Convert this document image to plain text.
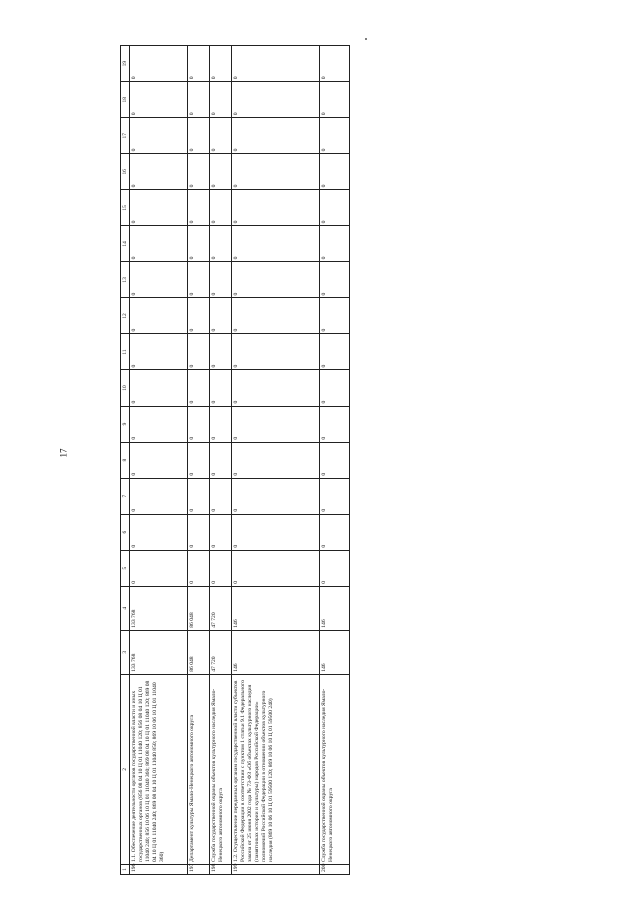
17
1	2	3	4	5	6	7	8	9	10	11	12	13	14	15	16	17	18	19
196	1.1. Обеспечение деятельности органов государственной власти и иных государственных органов (856 08 04 10 Ц 01 11040 120; 856 08 04 10 Ц 01 11040 240; 856 10 06 10 Ц 01 11040 360; 869 08 04 10 Ц 01 11040 120; 869 08 04 10 Ц 01 11040 240; 869 08 04 10 Ц 01 11040 850; 869 10 06 10 Ц 01 11040 360)	133 768	133 768	0	0	0	0	0	0	0	0	0	0	0	0	0	0	0
197	Департамент культуры Ямало-Ненецкого автономного округа	86 048	86 048	0	0	0	0	0	0	0	0	0	0	0	0	0	0	0
198	Служба государственной охраны объектов культурного наследия Ямало-Ненецкого автономного округа	47 720	47 720	0	0	0	0	0	0	0	0	0	0	0	0	0	0	0
199	1.2. Осуществление переданных органам государственной власти субъектов Российской Федерации в соответствии с пунктом 1 статьи 9.1 Федерального закона от 25 июня 2002 года № 73-ФЗ «Об объектах культурного наследия (памятниках истории и культуры) народов Российской Федерации» полномочий Российской Федерации в отношении объектов культурного наследия (869 10 06 10 Ц 01 59500 120; 869 10 06 10 Ц 01 59500 240)	146	146	0	0	0	0	0	0	0	0	0	0	0	0	0	0	0
200	Служба государственной охраны объектов культурного наследия Ямало-Ненецкого автономного округа	146	146	0	0	0	0	0	0	0	0	0	0	0	0	0	0	0
